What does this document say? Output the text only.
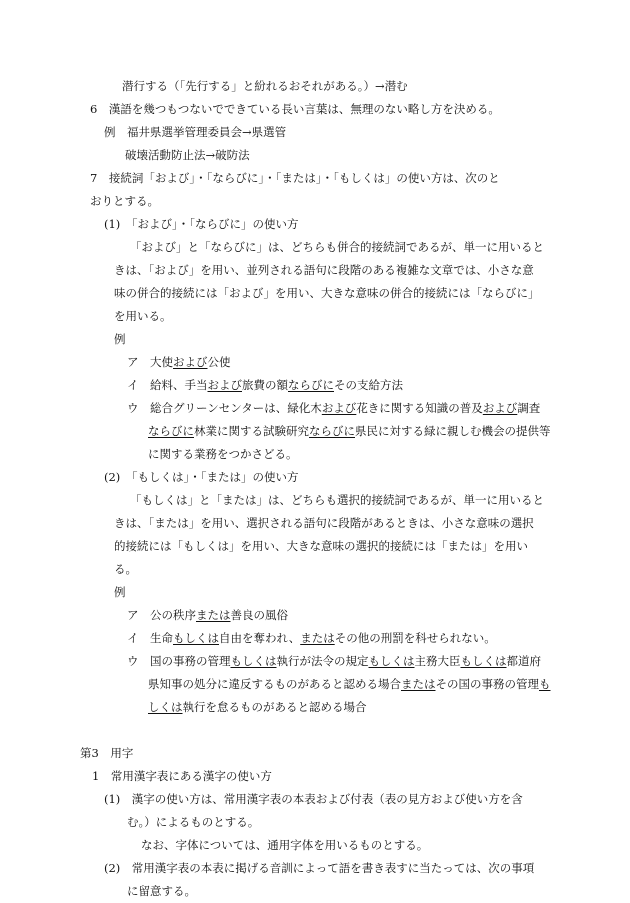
潜行する（「先行する」と紛れるおそれがある。）→潜む
6　漢語を幾つもつないでできている長い言葉は、無理のない略し方を決める。
例　福井県選挙管理委員会→県選管
破壊活動防止法→破防法
7　接続詞「および」・「ならびに」・「または」・「もしくは」の使い方は、次のと
おりとする。
(1)　「および」・「ならびに」の使い方
「および」と「ならびに」は、どちらも併合的接続詞であるが、単一に用いると
きは、「および」を用い、並列される語句に段階のある複雑な文章では、小さな意
味の併合的接続には「および」を用い、大きな意味の併合的接続には「ならびに」
を用いる。
例
ア　大使および公使
イ　給料、手当および旅費の額ならびにその支給方法
ウ　総合グリーンセンターは、緑化木および花きに関する知識の普及および調査
ならびに林業に関する試験研究ならびに県民に対する緑に親しむ機会の提供等
に関する業務をつかさどる。
(2)　「もしくは」・「または」の使い方
「もしくは」と「または」は、どちらも選択的接続詞であるが、単一に用いると
きは、「または」を用い、選択される語句に段階があるときは、小さな意味の選択
的接続には「もしくは」を用い、大きな意味の選択的接続には「または」を用い
る。
例
ア　公の秩序または善良の風俗
イ　生命もしくは自由を奪われ、またはその他の刑罰を科せられない。
ウ　国の事務の管理もしくは執行が法令の規定もしくは主務大臣もしくは都道府
県知事の処分に違反するものがあると認める場合またはその国の事務の管理も
しくは執行を怠るものがあると認める場合
第3　用字
1　常用漢字表にある漢字の使い方
(1)　漢字の使い方は、常用漢字表の本表および付表（表の見方および使い方を含
む。）によるものとする。
なお、字体については、通用字体を用いるものとする。
(2)　常用漢字表の本表に掲げる音訓によって語を書き表すに当たっては、次の事項
に留意する。
